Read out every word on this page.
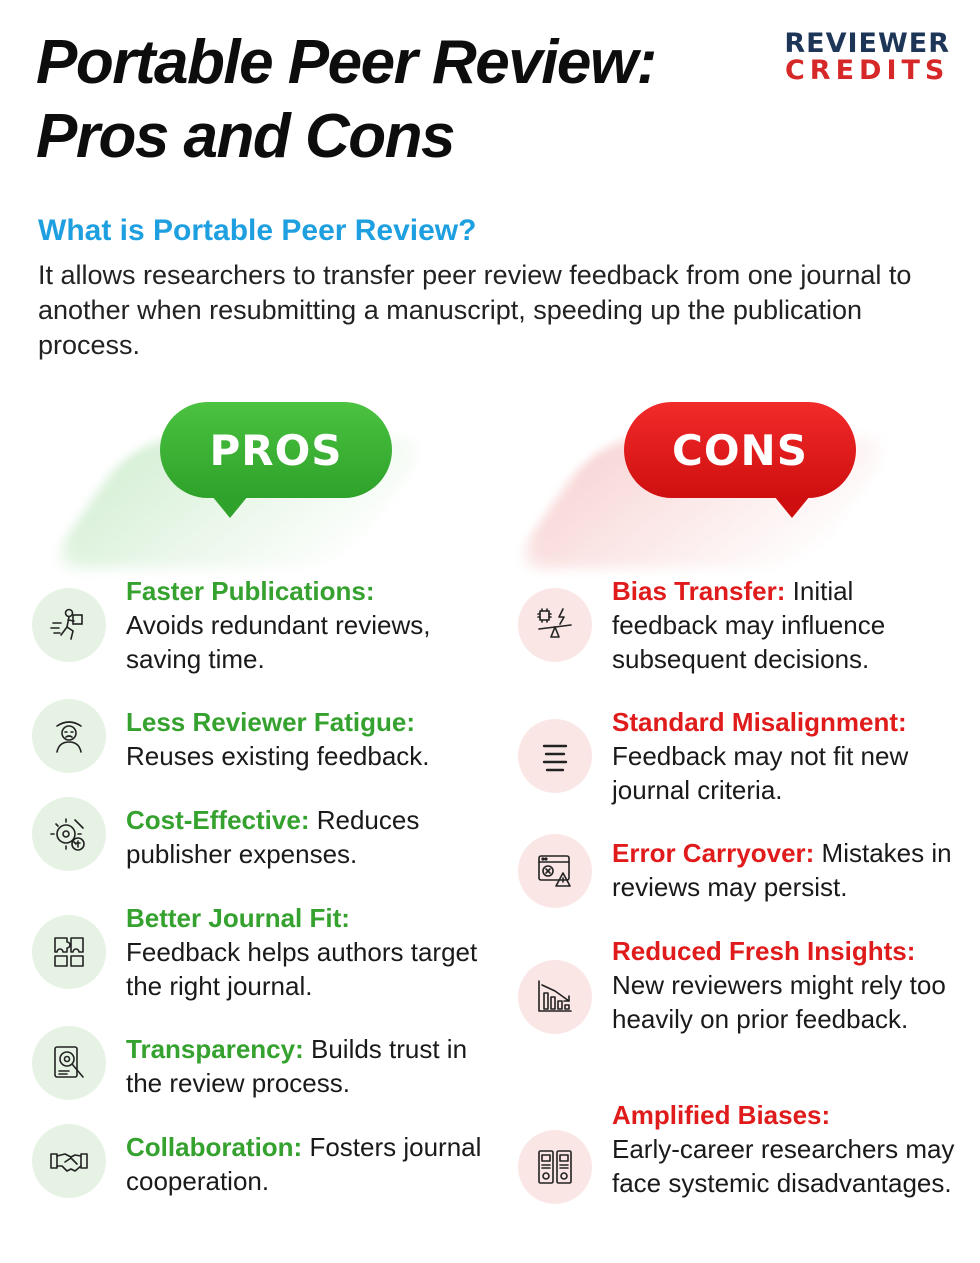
Portable Peer Review:
Pros and Cons
REVIEWER
CREDITS
What is Portable Peer Review?

It allows researchers to transfer peer review feedback from one journal to another when resubmitting a manuscript, speeding up the publication process.

PROS	CONS
Faster Publications:
Avoids redundant reviews, saving time.
Less Reviewer Fatigue:
Reuses existing feedback.
Cost-Effective: Reduces publisher expenses.
Better Journal Fit:
Feedback helps authors target the right journal.
Transparency: Builds trust in the review process.
Collaboration: Fosters journal cooperation.
Bias Transfer: Initial feedback may influence subsequent decisions.
Standard Misalignment:
Feedback may not fit new journal criteria.
Error Carryover: Mistakes in reviews may persist.
Reduced Fresh Insights:
New reviewers might rely too heavily on prior feedback.
Amplified Biases:
Early-career researchers may face systemic disadvantages.
